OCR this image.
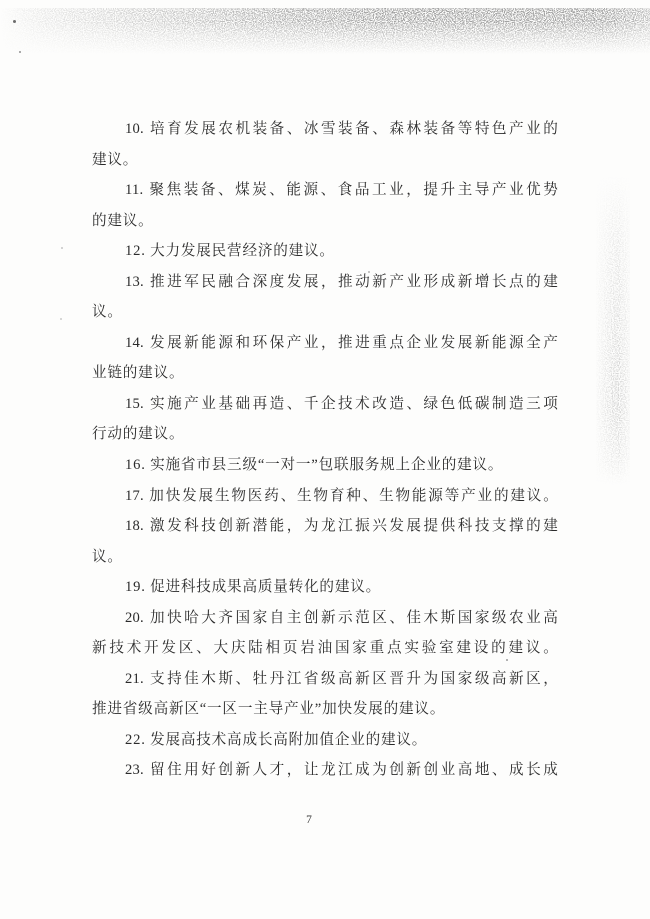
10. 培育发展农机装备、冰雪装备、森林装备等特色产业的
建议。
11. 聚焦装备、煤炭、能源、食品工业，提升主导产业优势
的建议。
12. 大力发展民营经济的建议。
13. 推进军民融合深度发展，推动新产业形成新增长点的建
议。
14. 发展新能源和环保产业，推进重点企业发展新能源全产
业链的建议。
15. 实施产业基础再造、千企技术改造、绿色低碳制造三项
行动的建议。
16. 实施省市县三级“一对一”包联服务规上企业的建议。
17. 加快发展生物医药、生物育种、生物能源等产业的建议。
18. 激发科技创新潜能，为龙江振兴发展提供科技支撑的建
议。
19. 促进科技成果高质量转化的建议。
20. 加快哈大齐国家自主创新示范区、佳木斯国家级农业高
新技术开发区、大庆陆相页岩油国家重点实验室建设的建议。
21. 支持佳木斯、牡丹江省级高新区晋升为国家级高新区，
推进省级高新区“一区一主导产业”加快发展的建议。
22. 发展高技术高成长高附加值企业的建议。
23. 留住用好创新人才，让龙江成为创新创业高地、成长成
7
